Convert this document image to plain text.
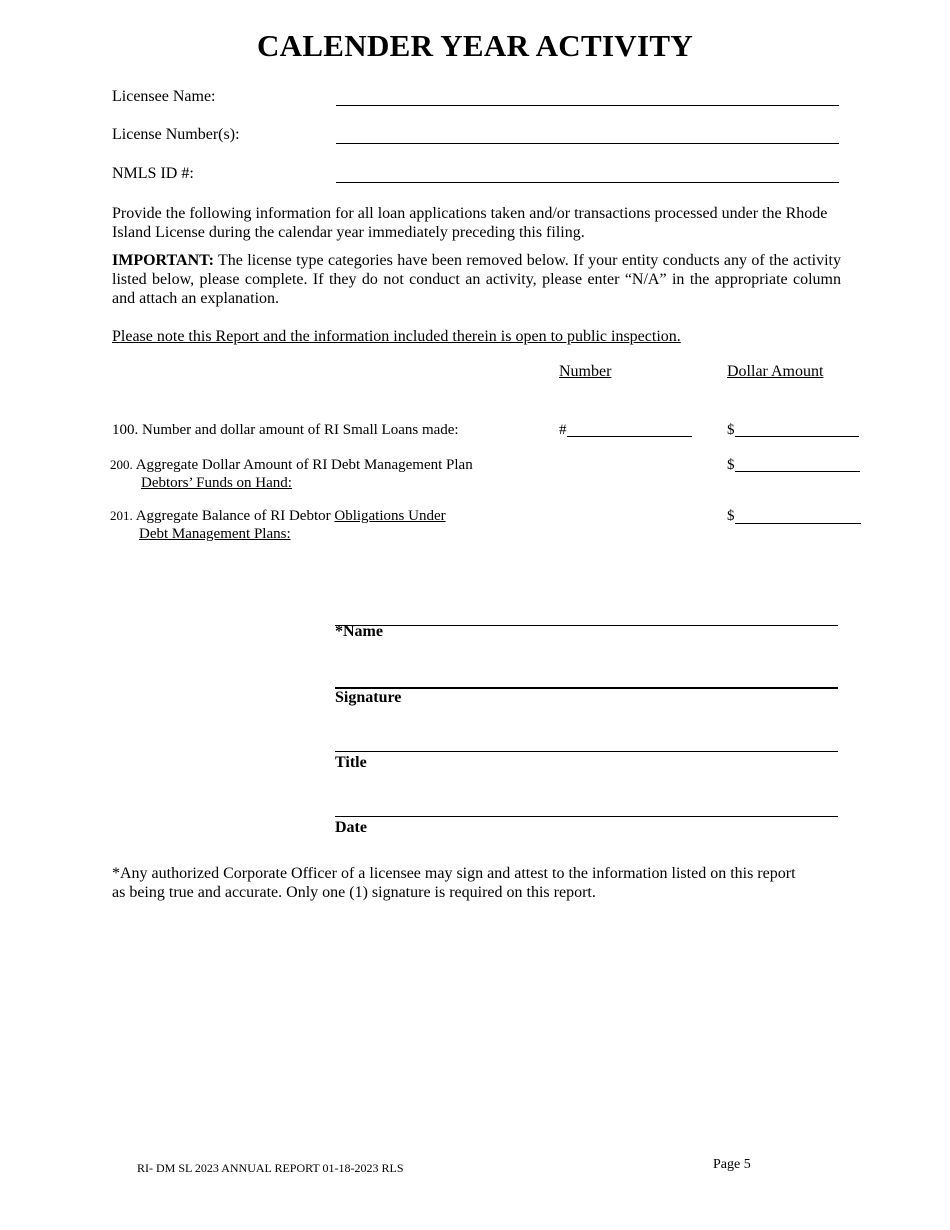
CALENDER YEAR ACTIVITY
Licensee Name:
License Number(s):
NMLS ID #:
Provide the following information for all loan applications taken and/or transactions processed under the Rhode Island License during the calendar year immediately preceding this filing.
IMPORTANT: The license type categories have been removed below. If your entity conducts any of the activity listed below, please complete. If they do not conduct an activity, please enter “N/A” in the appropriate column and attach an explanation.
Please note this Report and the information included therein is open to public inspection.
Number	Dollar Amount
100. Number and dollar amount of RI Small Loans made:	#	$
200. Aggregate Dollar Amount of RI Debt Management Plan
Debtors’ Funds on Hand:
$
201. Aggregate Balance of RI Debtor Obligations Under
Debt Management Plans:
$
*Name
Signature
Title
Date
*Any authorized Corporate Officer of a licensee may sign and attest to the information listed on this report as being true and accurate. Only one (1) signature is required on this report.
RI- DM SL 2023 ANNUAL REPORT 01-18-2023 RLS	Page 5
